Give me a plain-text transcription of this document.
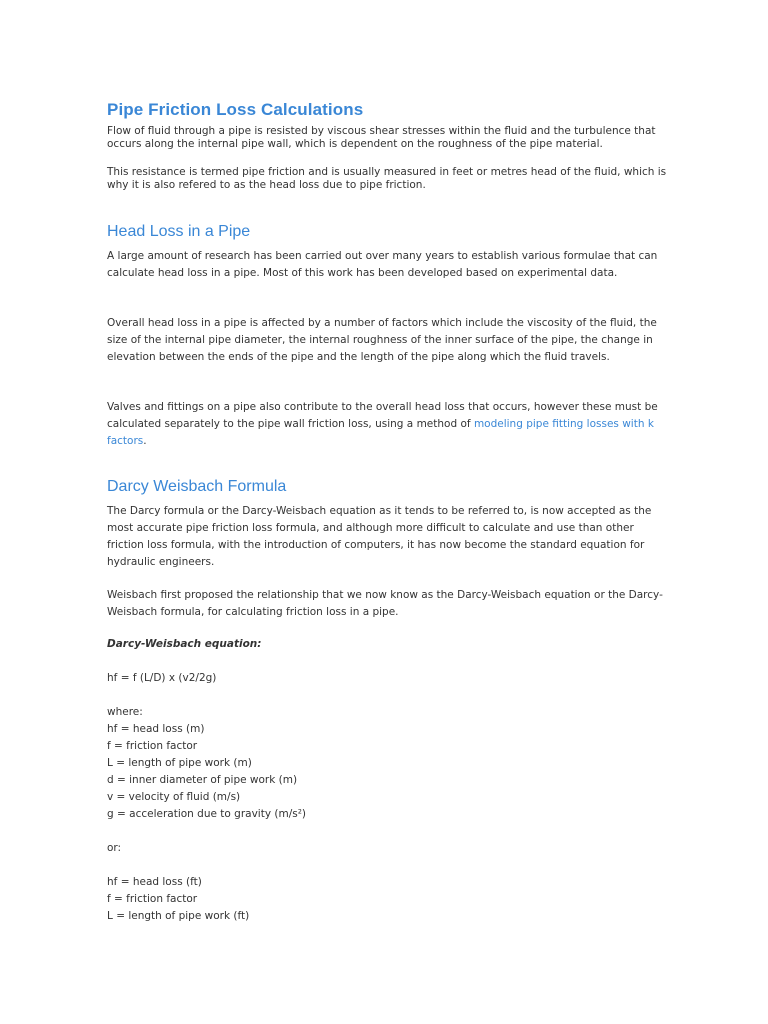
Pipe Friction Loss Calculations

Flow of fluid through a pipe is resisted by viscous shear stresses within the fluid and the turbulence that occurs along the internal pipe wall, which is dependent on the roughness of the pipe material.

This resistance is termed pipe friction and is usually measured in feet or metres head of the fluid, which is why it is also refered to as the head loss due to pipe friction.

Head Loss in a Pipe

A large amount of research has been carried out over many years to establish various formulae that can calculate head loss in a pipe. Most of this work has been developed based on experimental data.

Overall head loss in a pipe is affected by a number of factors which include the viscosity of the fluid, the size of the internal pipe diameter, the internal roughness of the inner surface of the pipe, the change in elevation between the ends of the pipe and the length of the pipe along which the fluid travels.

Valves and fittings on a pipe also contribute to the overall head loss that occurs, however these must be calculated separately to the pipe wall friction loss, using a method of modeling pipe fitting losses with k factors.

Darcy Weisbach Formula

The Darcy formula or the Darcy-Weisbach equation as it tends to be referred to, is now accepted as the most accurate pipe friction loss formula, and although more difficult to calculate and use than other friction loss formula, with the introduction of computers, it has now become the standard equation for hydraulic engineers.

Weisbach first proposed the relationship that we now know as the Darcy-Weisbach equation or the Darcy-Weisbach formula, for calculating friction loss in a pipe.

Darcy-Weisbach equation:
hf = f (L/D) x (v2/2g)
where:
hf = head loss (m)
f = friction factor
L = length of pipe work (m)
d = inner diameter of pipe work (m)
v = velocity of fluid (m/s)
g = acceleration due to gravity (m/s²)
or:
hf = head loss (ft)
f = friction factor
L = length of pipe work (ft)
